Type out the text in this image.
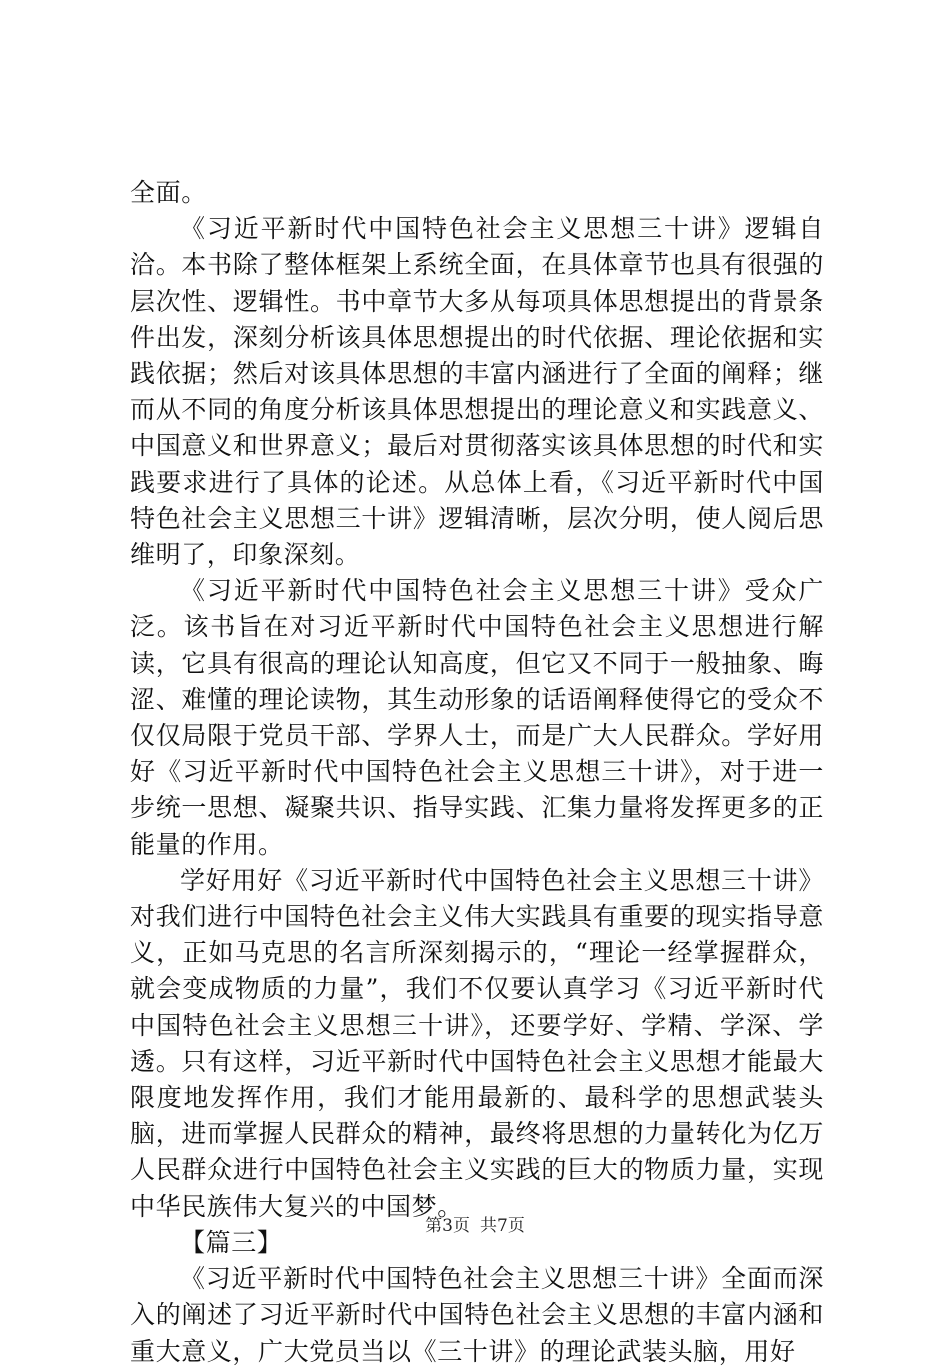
全面。

《习近平新时代中国特色社会主义思想三十讲》逻辑自洽。本书除了整体框架上系统全面，在具体章节也具有很强的层次性、逻辑性。书中章节大多从每项具体思想提出的背景条件出发，深刻分析该具体思想提出的时代依据、理论依据和实践依据；然后对该具体思想的丰富内涵进行了全面的阐释；继而从不同的角度分析该具体思想提出的理论意义和实践意义、中国意义和世界意义；最后对贯彻落实该具体思想的时代和实践要求进行了具体的论述。从总体上看，《习近平新时代中国特色社会主义思想三十讲》逻辑清晰，层次分明，使人阅后思维明了，印象深刻。

《习近平新时代中国特色社会主义思想三十讲》受众广泛。该书旨在对习近平新时代中国特色社会主义思想进行解读，它具有很高的理论认知高度，但它又不同于一般抽象、晦涩、难懂的理论读物，其生动形象的话语阐释使得它的受众不仅仅局限于党员干部、学界人士，而是广大人民群众。学好用好《习近平新时代中国特色社会主义思想三十讲》，对于进一步统一思想、凝聚共识、指导实践、汇集力量将发挥更多的正能量的作用。

学好用好《习近平新时代中国特色社会主义思想三十讲》对我们进行中国特色社会主义伟大实践具有重要的现实指导意义，正如马克思的名言所深刻揭示的，“理论一经掌握群众，就会变成物质的力量”，我们不仅要认真学习《习近平新时代中国特色社会主义思想三十讲》，还要学好、学精、学深、学透。只有这样，习近平新时代中国特色社会主义思想才能最大限度地发挥作用，我们才能用最新的、最科学的思想武装头脑，进而掌握人民群众的精神，最终将思想的力量转化为亿万人民群众进行中国特色社会主义实践的巨大的物质力量，实现中华民族伟大复兴的中国梦。

【篇三】

《习近平新时代中国特色社会主义思想三十讲》全面而深入的阐述了习近平新时代中国特色社会主义思想的丰富内涵和重大意义，广大党员当以《三十讲》的理论武装头脑，用好

第3页 共7页
